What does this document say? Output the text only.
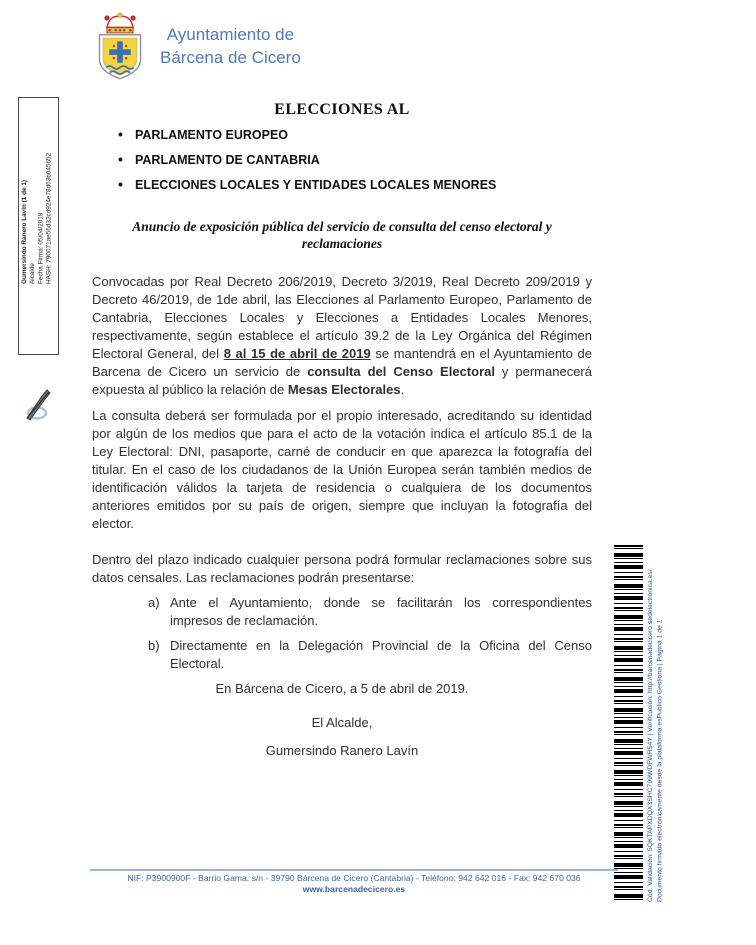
Ayuntamiento de
Bárcena de Cicero
Gumersindo Ranero Lavín (1 de 1) Alcalde Fecha Firma: 05/04/2019 HASH: 790071ae56d32cd924e78d63b045652
ELECCIONES AL
• PARLAMENTO EUROPEO
• PARLAMENTO DE CANTABRIA
• ELECCIONES LOCALES Y ENTIDADES LOCALES MENORES
Anuncio de exposición pública del servicio de consulta del censo electoral y reclamaciones

Convocadas por Real Decreto 206/2019, Decreto 3/2019, Real Decreto 209/2019 y Decreto 46/2019, de 1de abril, las Elecciones al Parlamento Europeo, Parlamento de Cantabria, Elecciones Locales y Elecciones a Entidades Locales Menores, respectivamente, según establece el artículo 39.2 de la Ley Orgánica del Régimen Electoral General, del 8 al 15 de abril de 2019 se mantendrá en el Ayuntamiento de Barcena de Cicero un servicio de consulta del Censo Electoral y permanecerá expuesta al público la relación de Mesas Electorales.

La consulta deberá ser formulada por el propio interesado, acreditando su identidad por algún de los medios que para el acto de la votación indica el artículo 85.1 de la Ley Electoral: DNI, pasaporte, carné de conducir en que aparezca la fotografía del titular. En el caso de los ciudadanos de la Unión Europea serán también medios de identificación válidos la tarjeta de residencia o cualquiera de los documentos anteriores emitidos por su país de origen, siempre que incluyan la fotografía del elector.

Dentro del plazo indicado cualquier persona podrá formular reclamaciones sobre sus datos censales. Las reclamaciones podrán presentarse:

a) Ante el Ayuntamiento, donde se facilitarán los correspondientes impresos de reclamación.
b) Directamente en la Delegación Provincial de la Oficina del Censo Electoral.

En Bárcena de Cicero, a 5 de abril de 2019.

El Alcalde,

Gumersindo Ranero Lavín	Cód. Validación: 5QKTAPXDQX3SHC799WDFWR54Y | Verificación: http://barcenadecicero.sedelectronica.es/ Documento firmado electrónicamente desde la plataforma esPublico Gestiona | Página 1 de 1
NIF: P3900900F - Barrio Gama, s/n - 39790 Bárcena de Cicero (Cantabria) - Teléfono: 942 642 016 - Fax: 942 670 036
www.barcenadecicero.es
